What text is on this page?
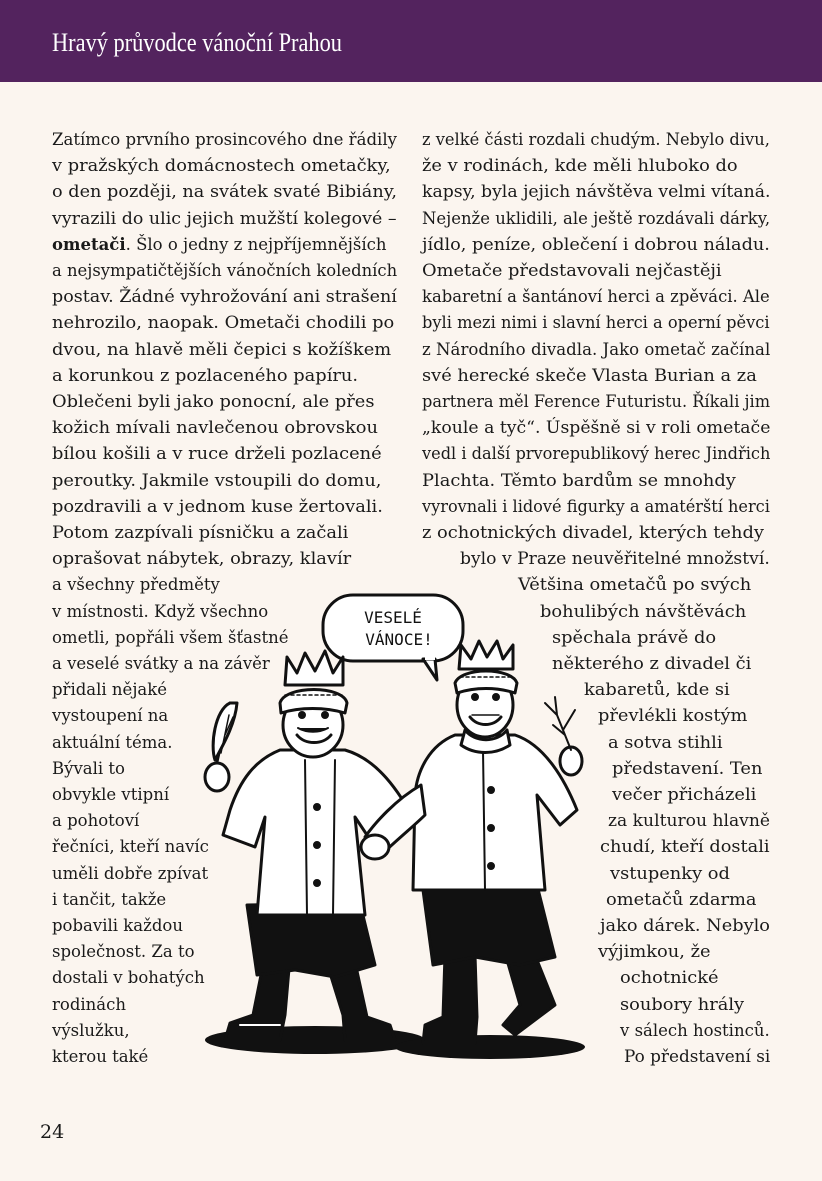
Hravý průvodce vánoční Prahou
ometači. Šlo o jedny z nejpříjemnějších
Zatímco prvního prosincového dne řádily
v pražských domácnostech ometačky,
o den později, na svátek svaté Bibiány,
vyrazili do ulic jejich mužští kolegové –
a nejsympatičtějších vánočních koledních
postav. Žádné vyhrožování ani strašení
nehrozilo, naopak. Ometači chodili po
dvou, na hlavě měli čepici s kožíškem
a korunkou z pozlaceného papíru.
Oblečeni byli jako ponocní, ale přes
kožich mívali navlečenou obrovskou
bílou košili a v ruce drželi pozlacené
peroutky. Jakmile vstoupili do domu,
pozdravili a v jednom kuse žertovali.
Potom zazpívali písničku a začali
oprašovat nábytek, obrazy, klavír
a všechny předměty
v místnosti. Když všechno
ometli, popřáli všem šťastné
a veselé svátky a na závěr
přidali nějaké
vystoupení na
aktuální téma.
Bývali to
obvykle vtipní
a pohotoví
řečníci, kteří navíc
uměli dobře zpívat
i tančit, takže
pobavili každou
společnost. Za to
dostali v bohatých
rodinách
výslužku,
kterou také
z velké části rozdali chudým. Nebylo divu,
že v rodinách, kde měli hluboko do
kapsy, byla jejich návštěva velmi vítaná.
Nejenže uklidili, ale ještě rozdávali dárky,
jídlo, peníze, oblečení i dobrou náladu.
Ometače představovali nejčastěji
kabaretní a šantánoví herci a zpěváci. Ale
byli mezi nimi i slavní herci a operní pěvci
z Národního divadla. Jako ometač začínal
své herecké skeče Vlasta Burian a za
partnera měl Ference Futuristu. Říkali jim
„koule a tyč“. Úspěšně si v roli ometače
vedl i další prvorepublikový herec Jindřich
Plachta. Těmto bardům se mnohdy
vyrovnali i lidové figurky a amatérští herci
z ochotnických divadel, kterých tehdy
bylo v Praze neuvěřitelné množství.
Většina ometačů po svých
bohulibých návštěvách
spěchala právě do
některého z divadel či
kabaretů, kde si
převlékli kostým
a sotva stihli
představení. Ten
večer přicházeli
za kulturou hlavně
chudí, kteří dostali
vstupenky od
ometačů zdarma
jako dárek. Nebylo
výjimkou, že
ochotnické
soubory hrály
v sálech hostinců.
Po představení si
VESELÉ
VÁNOCE!
24
